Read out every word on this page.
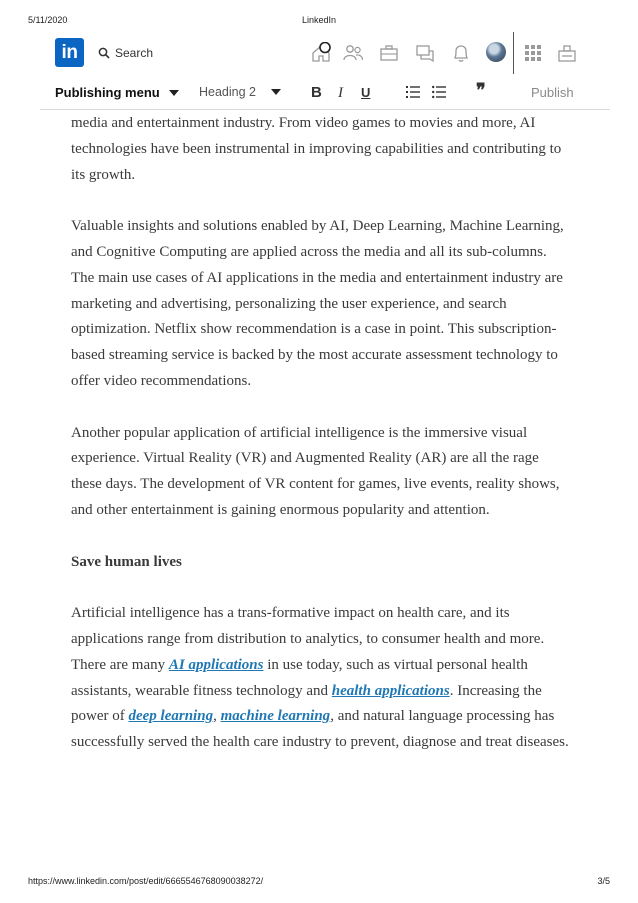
5/11/2020	LinkedIn
in	Search
Publishing menu	Heading 2	B I U	❞	Publish

media and entertainment industry. From video games to movies and more, AI technologies have been instrumental in improving capabilities and contributing to its growth.

Valuable insights and solutions enabled by AI, Deep Learning, Machine Learning, and Cognitive Computing are applied across the media and all its sub-columns. The main use cases of AI applications in the media and entertainment industry are marketing and advertising, personalizing the user experience, and search optimization. Netflix show recommendation is a case in point. This subscription-based streaming service is backed by the most accurate assessment technology to offer video recommendations.

Another popular application of artificial intelligence is the immersive visual experience. Virtual Reality (VR) and Augmented Reality (AR) are all the rage these days. The development of VR content for games, live events, reality shows, and other entertainment is gaining enormous popularity and attention.

Save human lives

Artificial intelligence has a trans-formative impact on health care, and its applications range from distribution to analytics, to consumer health and more. There are many AI applications in use today, such as virtual personal health assistants, wearable fitness technology and health applications. Increasing the power of deep learning, machine learning, and natural language processing has successfully served the health care industry to prevent, diagnose and treat diseases.

https://www.linkedin.com/post/edit/6665546768090038272/	3/5
